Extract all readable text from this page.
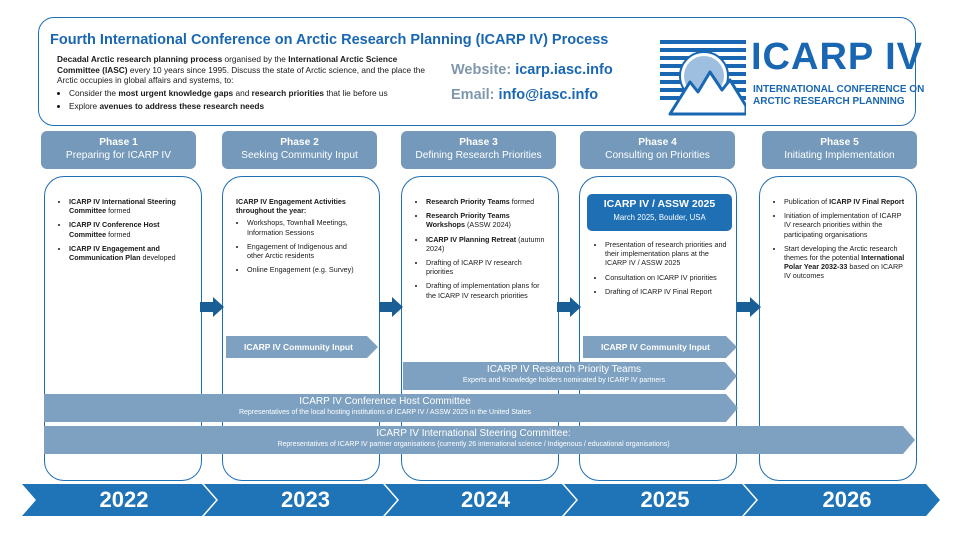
Fourth International Conference on Arctic Research Planning (ICARP IV) Process
Decadal Arctic research planning process organised by the International Arctic Science Committee (IASC) every 10 years since 1995. Discuss the state of Arctic science, and the place the Arctic occupies in global affairs and systems, to:
• Consider the most urgent knowledge gaps and research priorities that lie before us
• Explore avenues to address these research needs
Website: icarp.iasc.info
Email: info@iasc.info
ICARP IV
INTERNATIONAL CONFERENCE ON
ARCTIC RESEARCH PLANNING
Phase 1
Preparing for ICARP IV
Phase 2
Seeking Community Input
Phase 3
Defining Research Priorities
Phase 4
Consulting on Priorities
Phase 5
Initiating Implementation
• ICARP IV International Steering Committee formed
• ICARP IV Conference Host Committee formed
• ICARP IV Engagement and Communication Plan developed
ICARP IV Engagement Activities throughout the year:
• Workshops, Townhall Meetings, Information Sessions
• Engagement of Indigenous and other Arctic residents
• Online Engagement (e.g. Survey)
• Research Priority Teams formed
• Research Priority Teams Workshops (ASSW 2024)
• ICARP IV Planning Retreat (autumn 2024)
• Drafting of ICARP IV research priorities
• Drafting of implementation plans for the ICARP IV research priorities
ICARP IV / ASSW 2025
March 2025, Boulder, USA
• Presentation of research priorities and their implementation plans at the ICARP IV / ASSW 2025
• Consultation on ICARP IV priorities
• Drafting of ICARP IV Final Report
• Publication of ICARP IV Final Report
• Initiation of implementation of ICARP IV research priorities within the participating organisations
• Start developing the Arctic research themes for the potential International Polar Year 2032-33 based on ICARP IV outcomes
ICARP IV Community Input	ICARP IV Community Input
ICARP IV Research Priority Teams
Experts and Knowledge holders nominated by ICARP IV partners
ICARP IV Conference Host Committee
Representatives of the local hosting institutions of ICARP IV / ASSW 2025 in the United States
ICARP IV International Steering Committee:
Representatives of ICARP IV partner organisations (currently 26 international science / Indigenous / educational organisations)
2022	2023	2024	2025	2026
